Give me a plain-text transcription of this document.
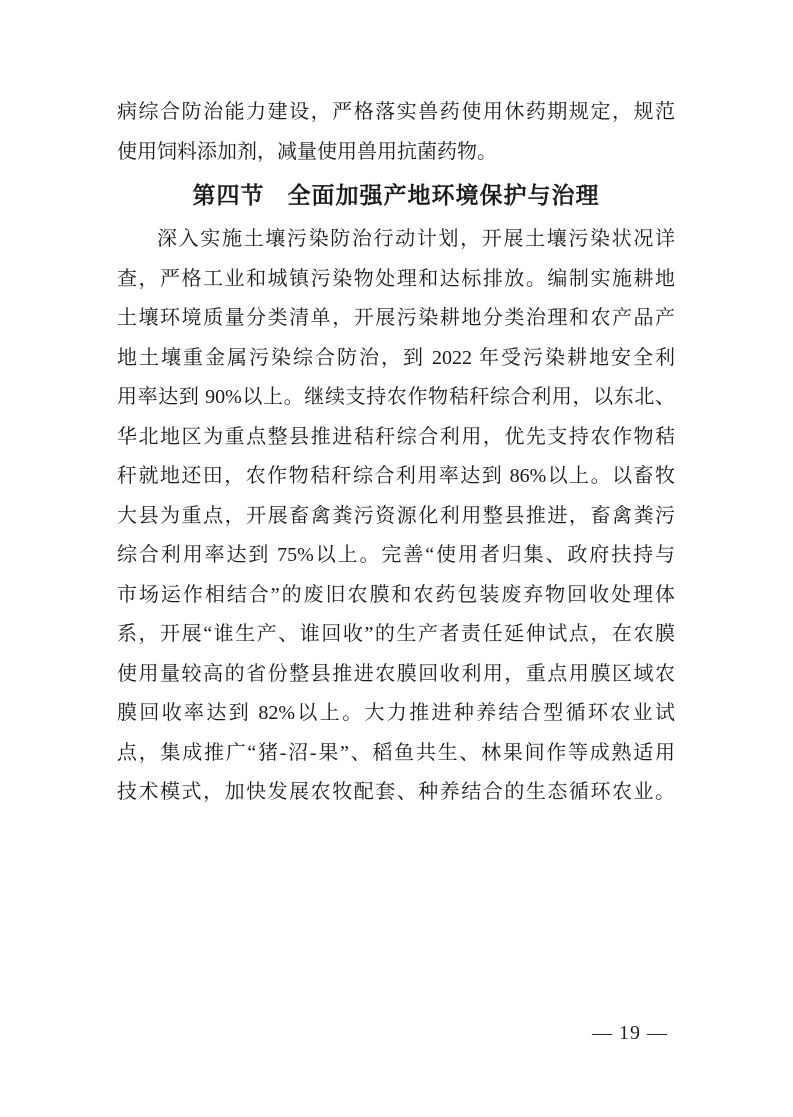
病综合防治能力建设，严格落实兽药使用休药期规定，规范
使用饲料添加剂，减量使用兽用抗菌药物。
第四节 全面加强产地环境保护与治理
深入实施土壤污染防治行动计划，开展土壤污染状况详
查，严格工业和城镇污染物处理和达标排放。编制实施耕地
土壤环境质量分类清单，开展污染耕地分类治理和农产品产
地土壤重金属污染综合防治，到 2022 年受污染耕地安全利
用率达到 90%以上。继续支持农作物秸秆综合利用，以东北、
华北地区为重点整县推进秸秆综合利用，优先支持农作物秸
秆就地还田，农作物秸秆综合利用率达到 86%以上。以畜牧
大县为重点，开展畜禽粪污资源化利用整县推进，畜禽粪污
综合利用率达到 75%以上。完善“使用者归集、政府扶持与
市场运作相结合”的废旧农膜和农药包装废弃物回收处理体
系，开展“谁生产、谁回收”的生产者责任延伸试点，在农膜
使用量较高的省份整县推进农膜回收利用，重点用膜区域农
膜回收率达到 82%以上。大力推进种养结合型循环农业试
点，集成推广“猪-沼-果”、稻鱼共生、林果间作等成熟适用
技术模式，加快发展农牧配套、种养结合的生态循环农业。
— 19 —
